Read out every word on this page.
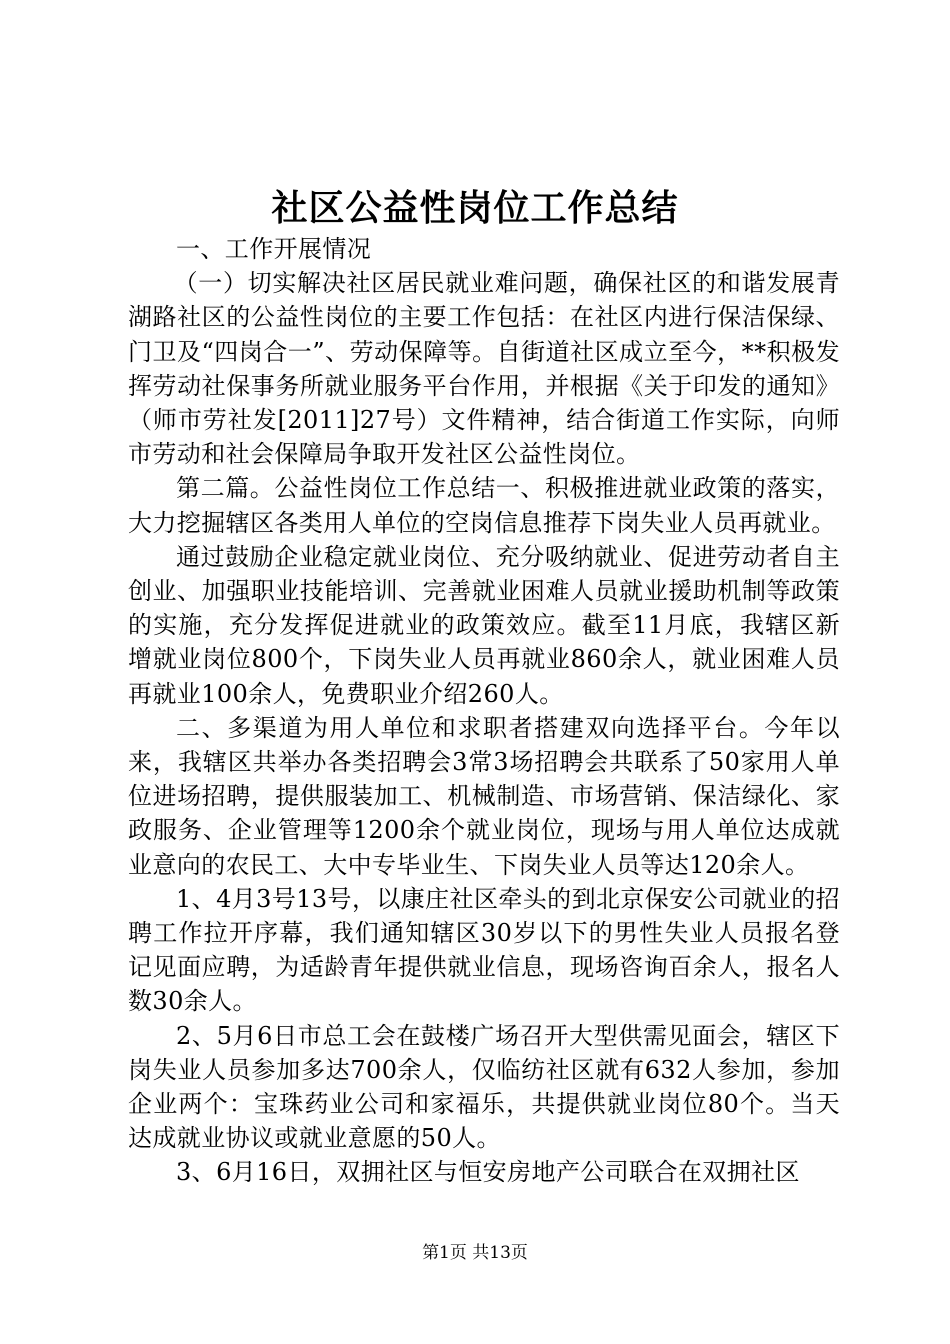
社区公益性岗位工作总结

一、工作开展情况

（一）切实解决社区居民就业难问题，确保社区的和谐发展青湖路社区的公益性岗位的主要工作包括：在社区内进行保洁保绿、门卫及“四岗合一”、劳动保障等。自街道社区成立至今，**积极发挥劳动社保事务所就业服务平台作用，并根据《关于印发的通知》（师市劳社发[2011]27号）文件精神，结合街道工作实际，向师市劳动和社会保障局争取开发社区公益性岗位。

第二篇。公益性岗位工作总结一、积极推进就业政策的落实，大力挖掘辖区各类用人单位的空岗信息推荐下岗失业人员再就业。

通过鼓励企业稳定就业岗位、充分吸纳就业、促进劳动者自主创业、加强职业技能培训、完善就业困难人员就业援助机制等政策的实施，充分发挥促进就业的政策效应。截至11月底，我辖区新增就业岗位800个，下岗失业人员再就业860余人，就业困难人员再就业100余人，免费职业介绍260人。

二、多渠道为用人单位和求职者搭建双向选择平台。今年以来，我辖区共举办各类招聘会3常3场招聘会共联系了50家用人单位进场招聘，提供服装加工、机械制造、市场营销、保洁绿化、家政服务、企业管理等1200余个就业岗位，现场与用人单位达成就业意向的农民工、大中专毕业生、下岗失业人员等达120余人。

1、4月3号13号，以康庄社区牵头的到北京保安公司就业的招聘工作拉开序幕，我们通知辖区30岁以下的男性失业人员报名登记见面应聘，为适龄青年提供就业信息，现场咨询百余人，报名人数30余人。

2、5月6日市总工会在鼓楼广场召开大型供需见面会，辖区下岗失业人员参加多达700余人，仅临纺社区就有632人参加，参加企业两个：宝珠药业公司和家福乐，共提供就业岗位80个。当天达成就业协议或就业意愿的50人。

3、6月16日，双拥社区与恒安房地产公司联合在双拥社区

第1页 共13页
